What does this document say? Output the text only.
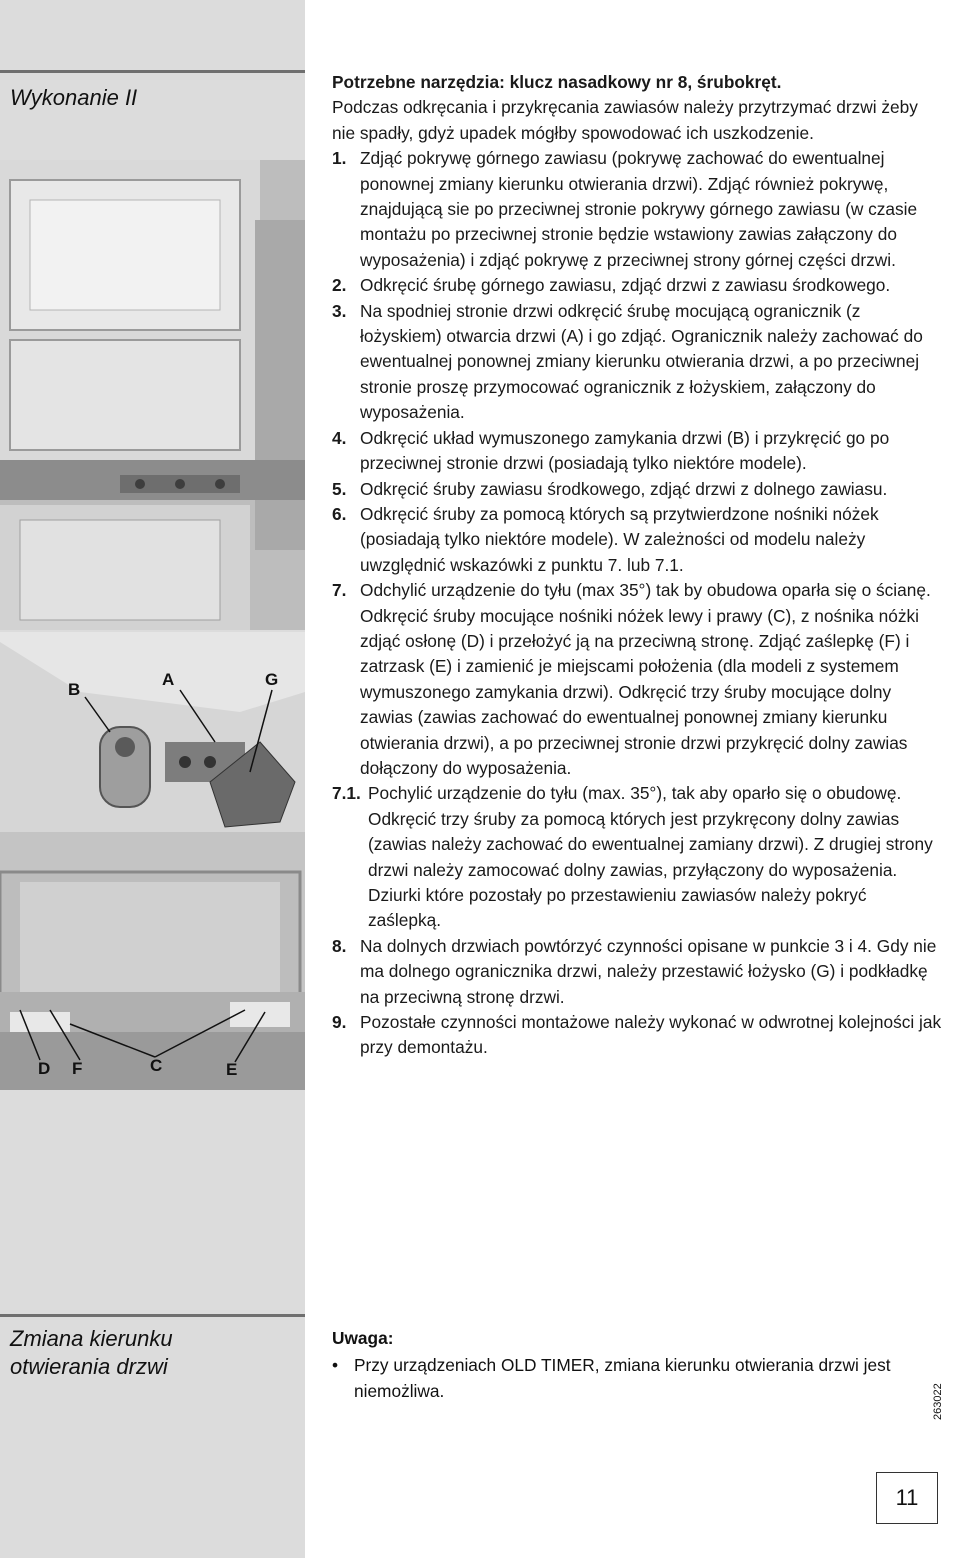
Wykonanie II
B
A	G
D F	C	E
Zmiana kierunku
otwierania drzwi

Potrzebne narzędzia: klucz nasadkowy nr 8, śrubokręt.

Podczas odkręcania i przykręcania zawiasów należy przytrzymać drzwi żeby nie spadły, gdyż upadek mógłby spowodować ich uszkodzenie.

1. Zdjąć pokrywę górnego zawiasu (pokrywę zachować do ewentualnej ponownej zmiany kierunku otwierania drzwi). Zdjąć również pokrywę, znajdującą sie po przeciwnej stronie pokrywy górnego zawiasu (w czasie montażu po przeciwnej stronie będzie wstawiony zawias załączony do wyposażenia) i zdjąć pokrywę z przeciwnej strony górnej części drzwi.
2. Odkręcić śrubę górnego zawiasu, zdjąć drzwi z zawiasu środkowego.
3. Na spodniej stronie drzwi odkręcić śrubę mocującą ogranicznik (z łożyskiem) otwarcia drzwi (A) i go zdjąć. Ogranicznik należy zachować do ewentualnej ponownej zmiany kierunku otwierania drzwi, a po przeciwnej stronie proszę przymocować ogranicznik z łożyskiem, załączony do wyposażenia.
4. Odkręcić układ wymuszonego zamykania drzwi (B) i przykręcić go po przeciwnej stronie drzwi (posiadają tylko niektóre modele).
5. Odkręcić śruby zawiasu środkowego, zdjąć drzwi z dolnego zawiasu.
6. Odkręcić śruby za pomocą których są przytwierdzone nośniki nóżek (posiadają tylko niektóre modele). W zależności od modelu należy uwzględnić wskazówki z punktu 7. lub 7.1.
7. Odchylić urządzenie do tyłu (max 35°) tak by obudowa oparła się o ścianę. Odkręcić śruby mocujące nośniki nóżek lewy i prawy (C), z nośnika nóżki zdjąć osłonę (D) i przełożyć ją na przeciwną stronę. Zdjąć zaślepkę (F) i zatrzask (E) i zamienić je miejscami położenia (dla modeli z systemem wymuszonego zamykania drzwi). Odkręcić trzy śruby mocujące dolny zawias (zawias zachować do ewentualnej ponownej zmiany kierunku otwierania drzwi), a po przeciwnej stronie drzwi przykręcić dolny zawias dołączony do wyposażenia.
7.1. Pochylić urządzenie do tyłu (max. 35°), tak aby oparło się o obudowę. Odkręcić trzy śruby za pomocą których jest przykręcony dolny zawias (zawias należy zachować do ewentualnej zamiany drzwi). Z drugiej strony drzwi należy zamocować dolny zawias, przyłączony do wyposażenia. Dziurki które pozostały po przestawieniu zawiasów należy pokryć zaślepką.
8. Na dolnych drzwiach powtórzyć czynności opisane w punkcie 3 i 4. Gdy nie ma dolnego ogranicznika drzwi, należy przestawić łożysko (G) i podkładkę na przeciwną stronę drzwi.
9. Pozostałe czynności montażowe należy wykonać w odwrotnej kolejności jak przy demontażu.
Uwaga:
• Przy urządzeniach OLD TIMER, zmiana kierunku otwierania drzwi jest niemożliwa.	263022
11
